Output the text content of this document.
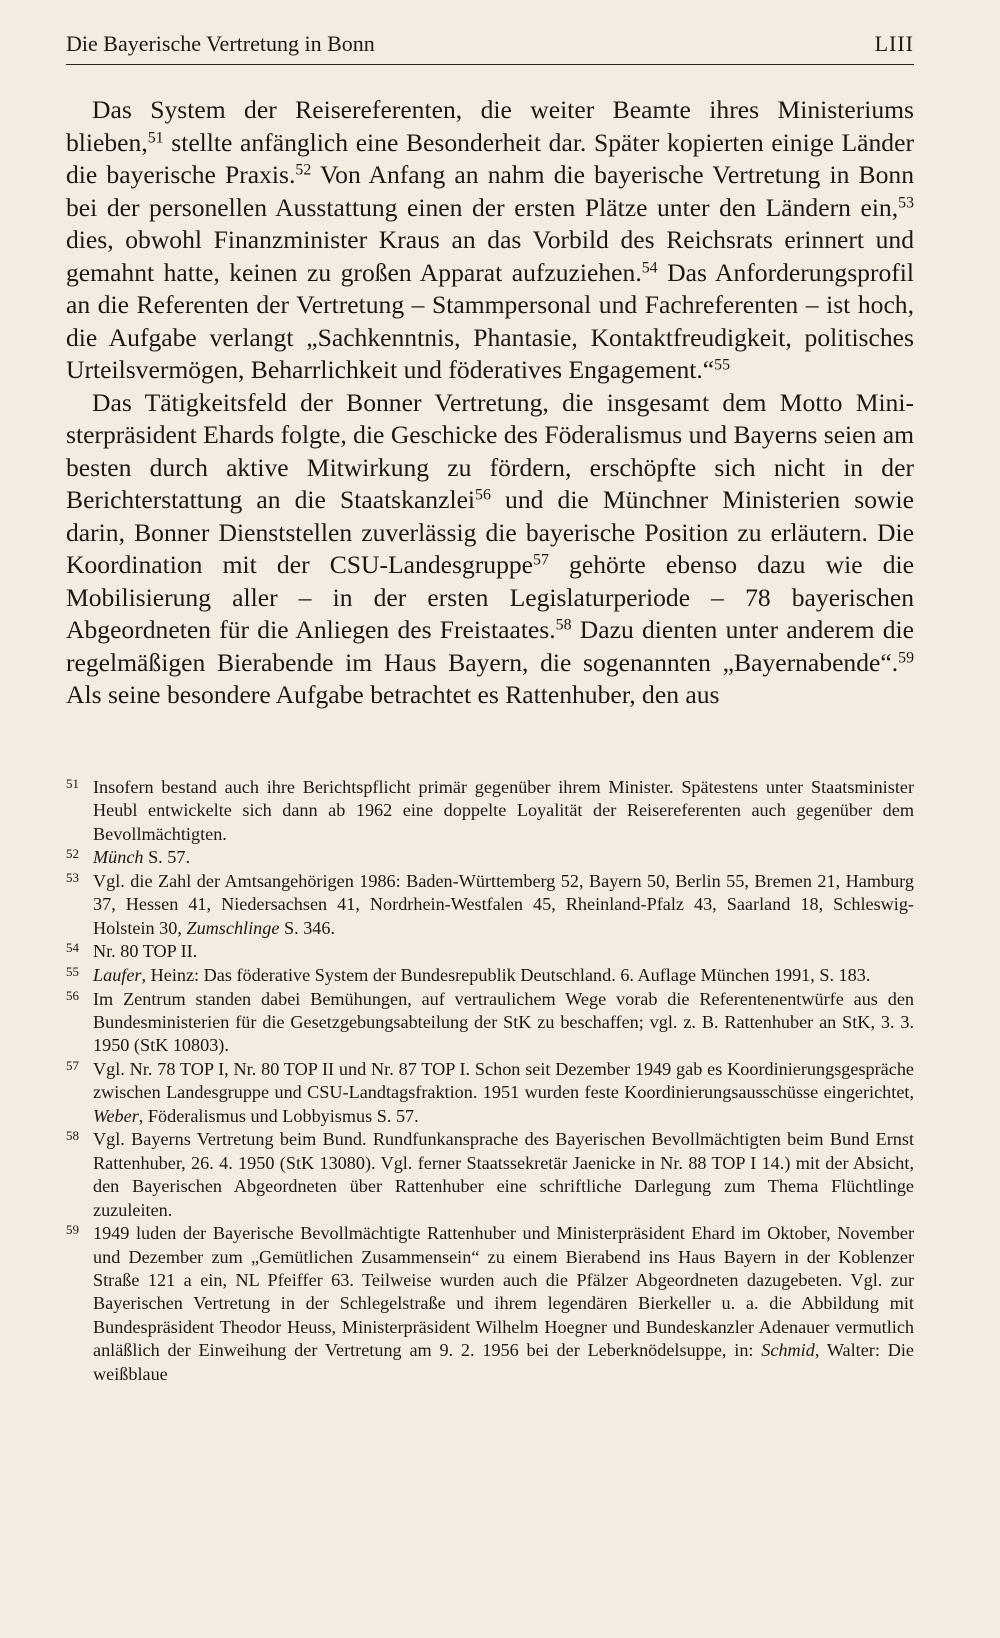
Die Bayerische Vertretung in Bonn	LIII

Das System der Reisereferenten, die weiter Beamte ihres Ministeriums blieben,$^{51}$ stellte anfänglich eine Besonderheit dar. Später kopierten einige Länder die bayerische Praxis.$^{52}$ Von Anfang an nahm die bayerische Vertretung in Bonn bei der personellen Ausstattung einen der ersten Plätze unter den Ländern ein,$^{53}$ dies, obwohl Finanzminister Kraus an das Vorbild des Reichsrats erinnert und gemahnt hatte, keinen zu großen Apparat aufzuziehen.$^{54}$ Das Anforderungsprofil an die Referenten der Vertretung – Stammpersonal und Fachreferenten – ist hoch, die Aufgabe verlangt „Sachkenntnis, Phantasie, Kontaktfreudigkeit, politisches Urteilsvermögen, Beharrlichkeit und föderatives Engagement.“$^{55}$

Das Tätigkeitsfeld der Bonner Vertretung, die insgesamt dem Motto Ministerpräsident Ehards folgte, die Geschicke des Föderalismus und Bayerns seien am besten durch aktive Mitwirkung zu fördern, erschöpfte sich nicht in der Berichterstattung an die Staatskanzlei$^{56}$ und die Münchner Ministerien sowie darin, Bonner Dienststellen zuverlässig die bayerische Position zu erläutern. Die Koordination mit der CSU-Landesgruppe$^{57}$ gehörte ebenso dazu wie die Mobilisierung aller – in der ersten Legislaturperiode – 78 bayerischen Abgeordneten für die Anliegen des Freistaates.$^{58}$ Dazu dienten unter anderem die regelmäßigen Bierabende im Haus Bayern, die sogenannten „Bayernabende“.$^{59}$ Als seine besondere Aufgabe betrachtet es Rattenhuber, den aus

51 Insofern bestand auch ihre Berichtspflicht primär gegenüber ihrem Minister. Spätestens unter Staatsminister Heubl entwickelte sich dann ab 1962 eine doppelte Loyalität der Reisereferenten auch gegenüber dem Bevollmächtigten.
52 Münch S. 57.
53 Vgl. die Zahl der Amtsangehörigen 1986: Baden-Württemberg 52, Bayern 50, Berlin 55, Bremen 21, Hamburg 37, Hessen 41, Niedersachsen 41, Nordrhein-Westfalen 45, Rheinland-Pfalz 43, Saarland 18, Schleswig-Holstein 30, Zumschlinge S. 346.
54 Nr. 80 TOP II.
55 Laufer, Heinz: Das föderative System der Bundesrepublik Deutschland. 6. Auflage München 1991, S. 183.
56 Im Zentrum standen dabei Bemühungen, auf vertraulichem Wege vorab die Referentenentwürfe aus den Bundesministerien für die Gesetzgebungsabteilung der StK zu beschaffen; vgl. z. B. Rattenhuber an StK, 3. 3. 1950 (StK 10803).
57 Vgl. Nr. 78 TOP I, Nr. 80 TOP II und Nr. 87 TOP I. Schon seit Dezember 1949 gab es Koordinierungsgespräche zwischen Landesgruppe und CSU-Landtagsfraktion. 1951 wurden feste Koordinierungsausschüsse eingerichtet, Weber, Föderalismus und Lobbyismus S. 57.
58 Vgl. Bayerns Vertretung beim Bund. Rundfunkansprache des Bayerischen Bevollmächtigten beim Bund Ernst Rattenhuber, 26. 4. 1950 (StK 13080). Vgl. ferner Staatssekretär Jaenicke in Nr. 88 TOP I 14.) mit der Absicht, den Bayerischen Abgeordneten über Rattenhuber eine schriftliche Darlegung zum Thema Flüchtlinge zuzuleiten.
59 1949 luden der Bayerische Bevollmächtigte Rattenhuber und Ministerpräsident Ehard im Oktober, November und Dezember zum „Gemütlichen Zusammensein“ zu einem Bierabend ins Haus Bayern in der Koblenzer Straße 121 a ein, NL Pfeiffer 63. Teilweise wurden auch die Pfälzer Abgeordneten dazugebeten. Vgl. zur Bayerischen Vertretung in der Schlegelstraße und ihrem legendären Bierkeller u. a. die Abbildung mit Bundespräsident Theodor Heuss, Ministerpräsident Wilhelm Hoegner und Bundeskanzler Adenauer vermutlich anläßlich der Einweihung der Vertretung am 9. 2. 1956 bei der Leberknödelsuppe, in: Schmid, Walter: Die weißblaue
